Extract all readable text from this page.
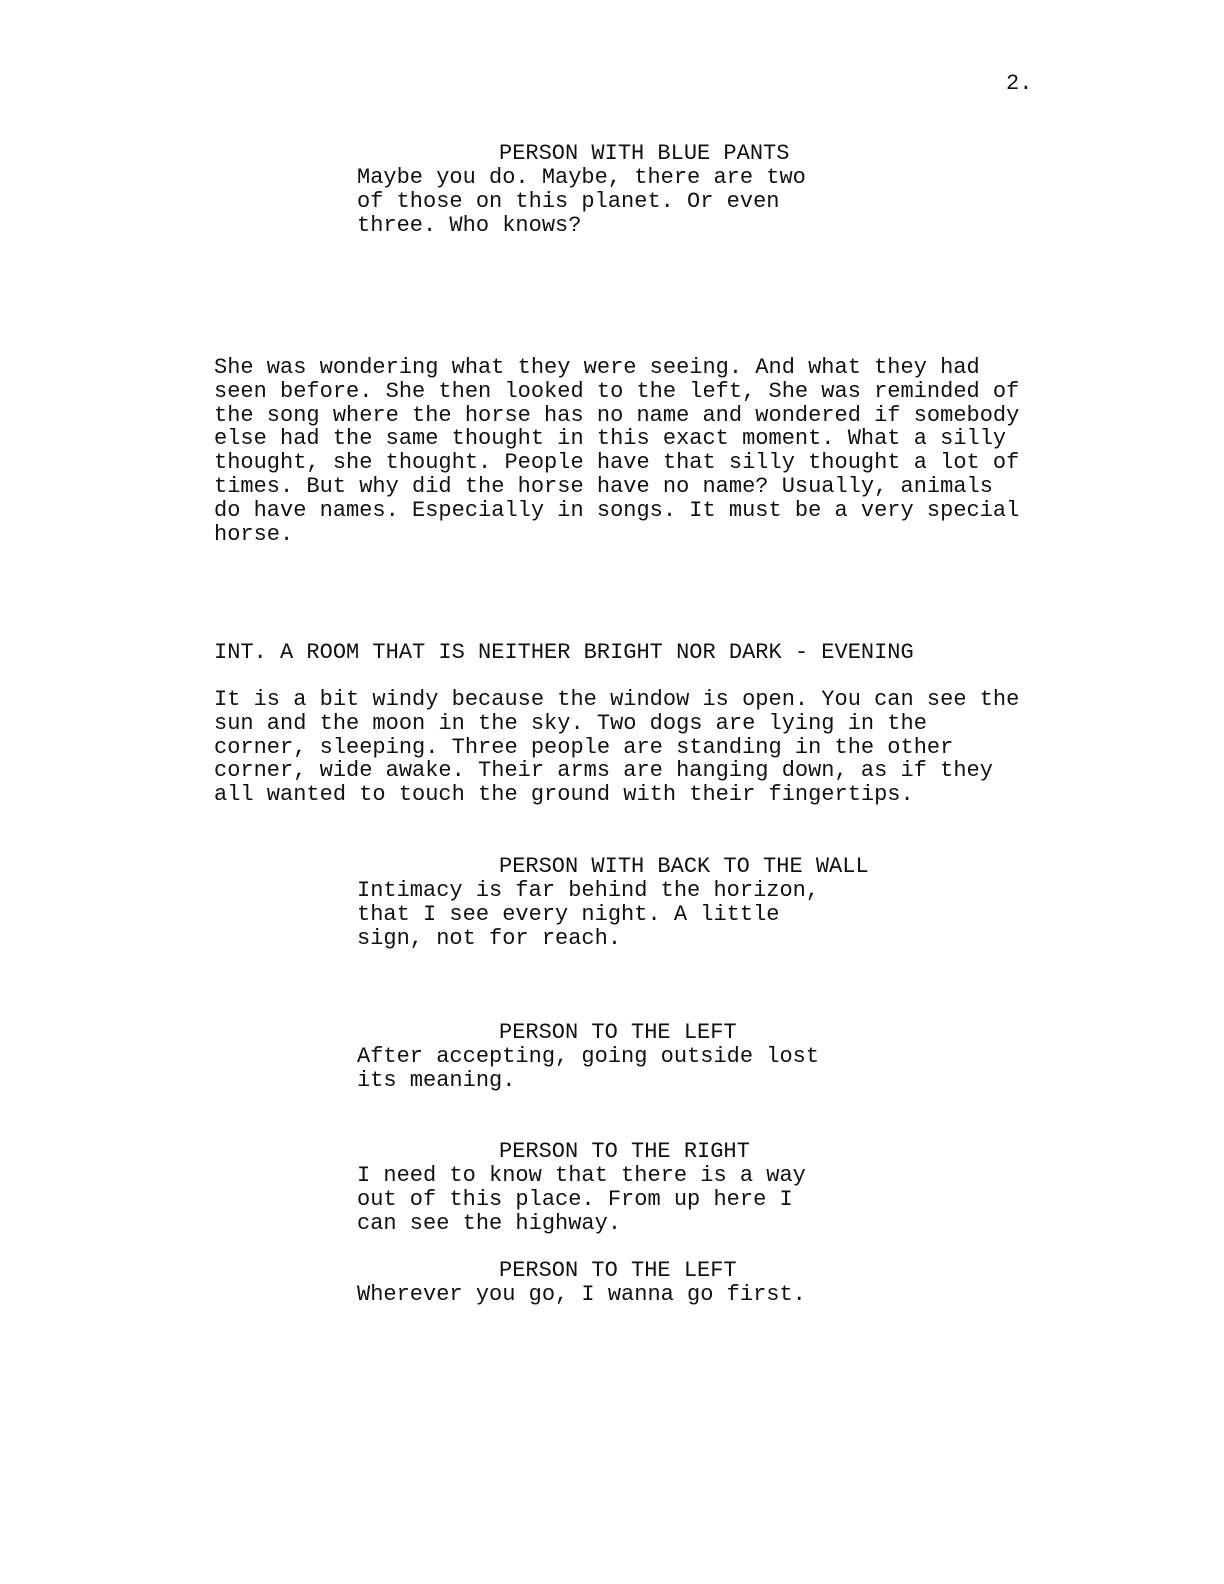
2.
PERSON WITH BLUE PANTS
Maybe you do. Maybe, there are two
of those on this planet. Or even
three. Who knows?
She was wondering what they were seeing. And what they had
seen before. She then looked to the left, She was reminded of
the song where the horse has no name and wondered if somebody
else had the same thought in this exact moment. What a silly
thought, she thought. People have that silly thought a lot of
times. But why did the horse have no name? Usually, animals
do have names. Especially in songs. It must be a very special
horse.
INT. A ROOM THAT IS NEITHER BRIGHT NOR DARK - EVENING
It is a bit windy because the window is open. You can see the
sun and the moon in the sky. Two dogs are lying in the
corner, sleeping. Three people are standing in the other
corner, wide awake. Their arms are hanging down, as if they
all wanted to touch the ground with their fingertips.
PERSON WITH BACK TO THE WALL
Intimacy is far behind the horizon,
that I see every night. A little
sign, not for reach.
PERSON TO THE LEFT
After accepting, going outside lost
its meaning.
PERSON TO THE RIGHT
I need to know that there is a way
out of this place. From up here I
can see the highway.
PERSON TO THE LEFT
Wherever you go, I wanna go first.
